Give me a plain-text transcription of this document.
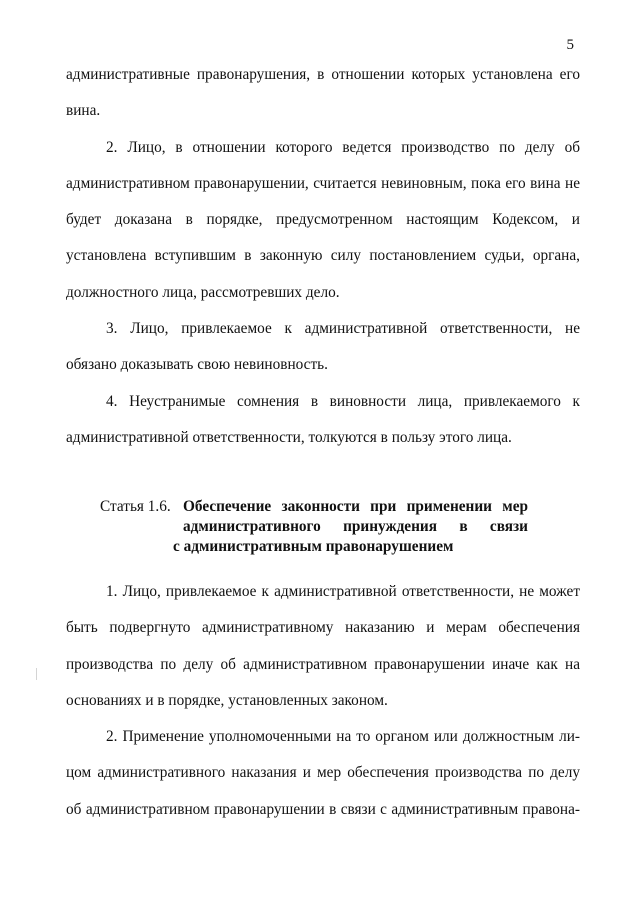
5
административные правонарушения, в отношении которых установлена его
вина.
2. Лицо, в отношении которого ведется производство по делу об
административном правонарушении, считается невиновным, пока его вина не
будет доказана в порядке, предусмотренном настоящим Кодексом, и
установлена вступившим в законную силу постановлением судьи, органа,
должностного лица, рассмотревших дело.
3. Лицо, привлекаемое к административной ответственности, не
обязано доказывать свою невиновность.
4. Неустранимые сомнения в виновности лица, привлекаемого к
административной ответственности, толкуются в пользу этого лица.
Статья 1.6. Обеспечение законности при применении мер
административного принуждения в связи
с административным правонарушением
1. Лицо, привлекаемое к административной ответственности, не может
быть подвергнуто административному наказанию и мерам обеспечения
производства по делу об административном правонарушении иначе как на
основаниях и в порядке, установленных законом.
2. Применение уполномоченными на то органом или должностным ли-
цом административного наказания и мер обеспечения производства по делу
об административном правонарушении в связи с административным правона-
